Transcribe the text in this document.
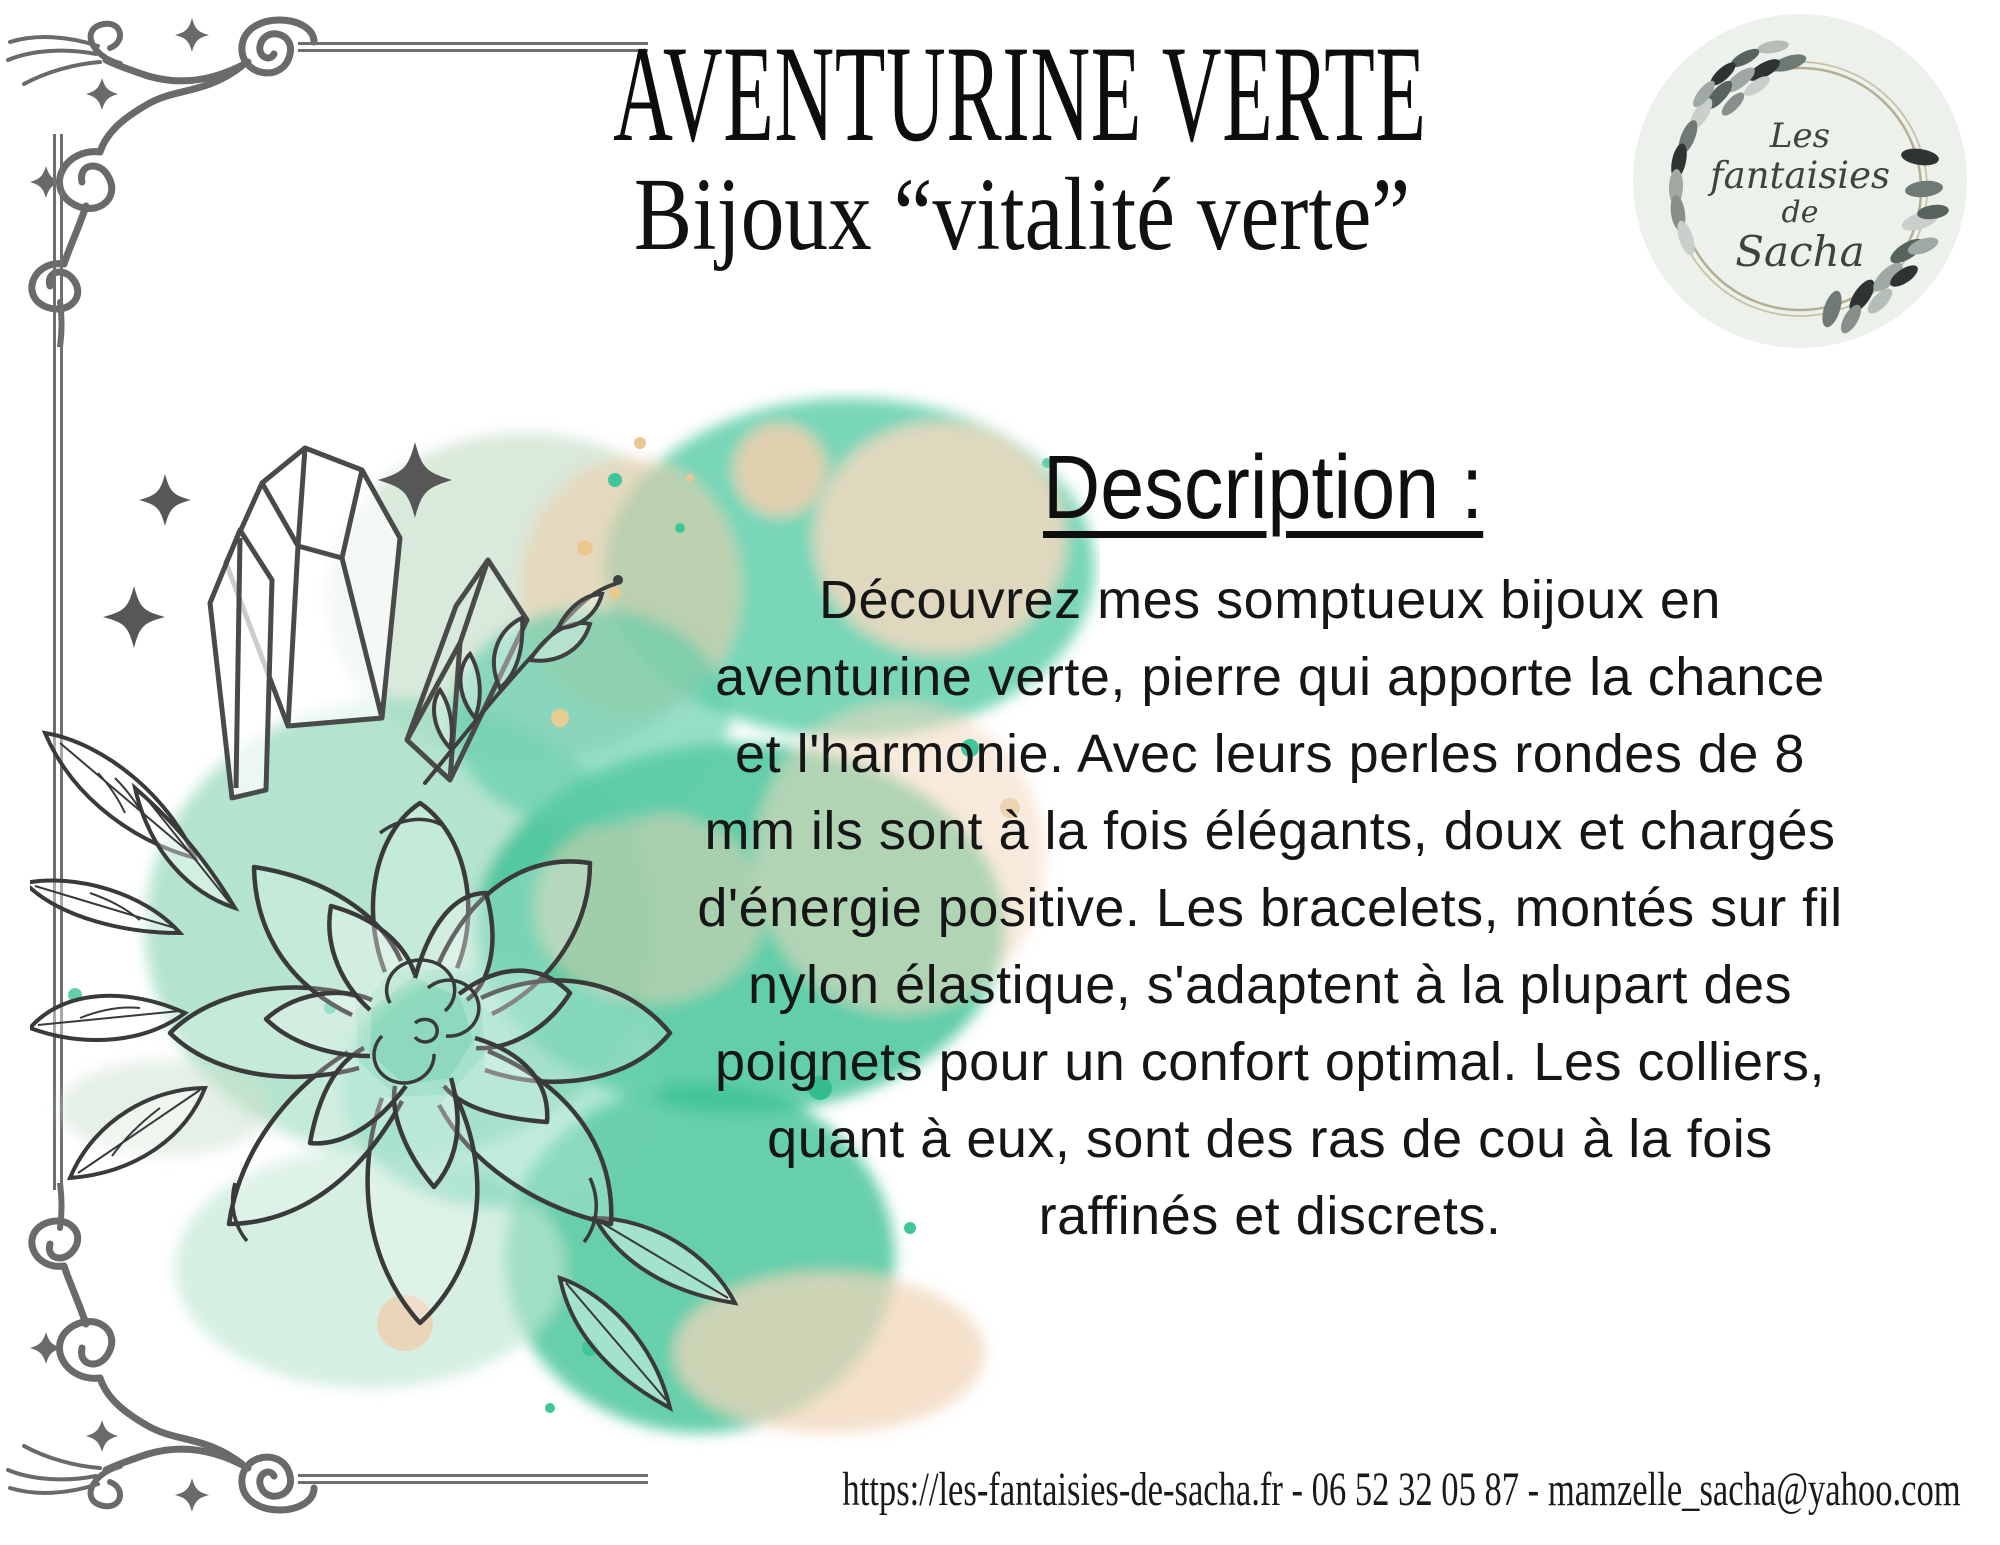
AVENTURINE VERTE
Bijoux “vitalité verte”
Les
fantaisies
de
Sacha
Description :
Découvrez mes somptueux bijoux en
aventurine verte, pierre qui apporte la chance
et l'harmonie. Avec leurs perles rondes de 8
mm ils sont à la fois élégants, doux et chargés
d'énergie positive. Les bracelets, montés sur fil
nylon élastique, s'adaptent à la plupart des
poignets pour un confort optimal. Les colliers,
quant à eux, sont des ras de cou à la fois
raffinés et discrets.
https://les-fantaisies-de-sacha.fr - 06 52 32 05 87 - mamzelle_sacha@yahoo.com
